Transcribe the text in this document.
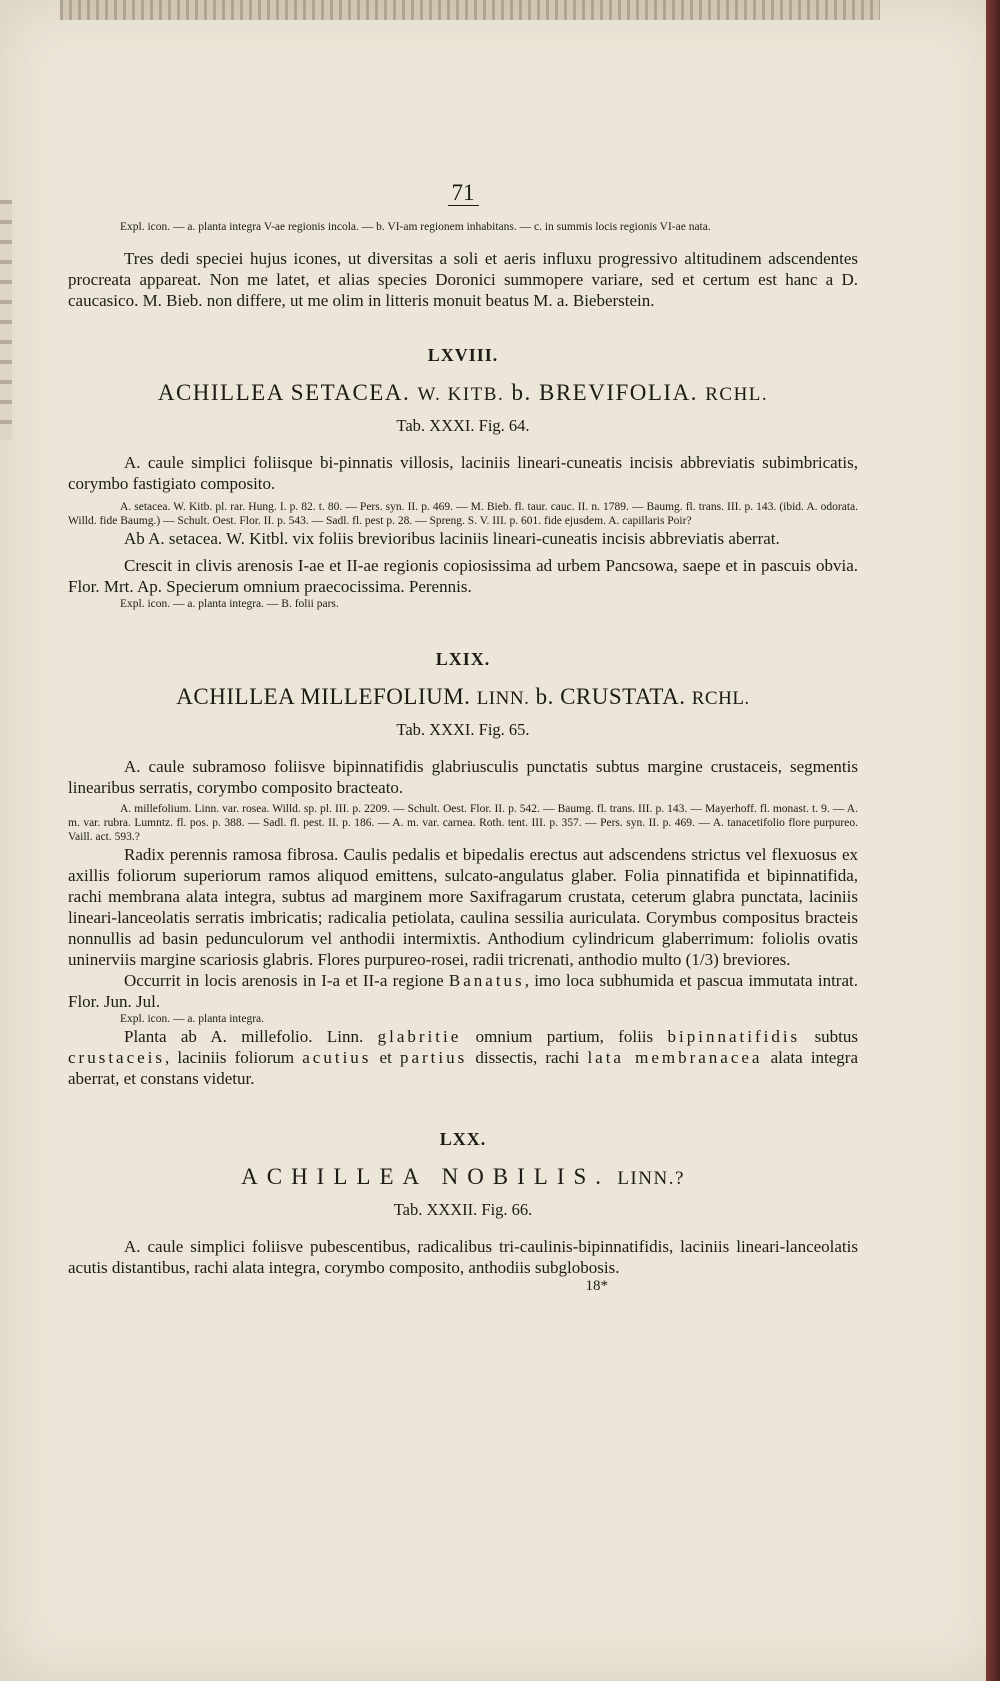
71

Expl. icon. — a. planta integra V-ae regionis incola. — b. VI-am regionem inhabitans. — c. in summis locis regionis VI-ae nata.

Tres dedi speciei hujus icones, ut diversitas a soli et aeris influxu progressivo altitudinem adscendentes procreata appareat. Non me latet, et alias species Doronici summopere variare, sed et certum est hanc a D. caucasico. M. Bieb. non differe, ut me olim in litteris monuit beatus M. a. Bieberstein.

LXVIII.
ACHILLEA SETACEA. W. KITB. b. BREVIFOLIA. RCHL.
Tab. XXXI. Fig. 64.

A. caule simplici foliisque bi-pinnatis villosis, laciniis lineari-cuneatis incisis abbreviatis subimbricatis, corymbo fastigiato composito.

A. setacea. W. Kitb. pl. rar. Hung. I. p. 82. t. 80. — Pers. syn. II. p. 469. — M. Bieb. fl. taur. cauc. II. n. 1789. — Baumg. fl. trans. III. p. 143. (ibid. A. odorata. Willd. fide Baumg.) — Schult. Oest. Flor. II. p. 543. — Sadl. fl. pest p. 28. — Spreng. S. V. III. p. 601. fide ejusdem. A. capillaris Poir?

Ab A. setacea. W. Kitbl. vix foliis brevioribus laciniis lineari-cuneatis incisis abbreviatis aberrat.

Crescit in clivis arenosis I-ae et II-ae regionis copiosissima ad urbem Pancsowa, saepe et in pascuis obvia. Flor. Mrt. Ap. Specierum omnium praecocissima. Perennis.

Expl. icon. — a. planta integra. — B. folii pars.

LXIX.
ACHILLEA MILLEFOLIUM. LINN. b. CRUSTATA. RCHL.
Tab. XXXI. Fig. 65.

A. caule subramoso foliisve bipinnatifidis glabriusculis punctatis subtus margine crustaceis, segmentis linearibus serratis, corymbo composito bracteato.

A. millefolium. Linn. var. rosea. Willd. sp. pl. III. p. 2209. — Schult. Oest. Flor. II. p. 542. — Baumg. fl. trans. III. p. 143. — Mayerhoff. fl. monast. t. 9. — A. m. var. rubra. Lumntz. fl. pos. p. 388. — Sadl. fl. pest. II. p. 186. — A. m. var. carnea. Roth. tent. III. p. 357. — Pers. syn. II. p. 469. — A. tanacetifolio flore purpureo. Vaill. act. 593.?

Radix perennis ramosa fibrosa. Caulis pedalis et bipedalis erectus aut adscendens strictus vel flexuosus ex axillis foliorum superiorum ramos aliquod emittens, sulcato-angulatus glaber. Folia pinnatifida et bipinnatifida, rachi membrana alata integra, subtus ad marginem more Saxifragarum crustata, ceterum glabra punctata, laciniis lineari-lanceolatis serratis imbricatis; radicalia petiolata, caulina sessilia auriculata. Corymbus compositus bracteis nonnullis ad basin pedunculorum vel anthodii intermixtis. Anthodium cylindricum glaberrimum: foliolis ovatis uninerviis margine scariosis glabris. Flores purpureo-rosei, radii tricrenati, anthodio multo (1/3) breviores.

Occurrit in locis arenosis in I-a et II-a regione Banatus, imo loca subhumida et pascua immutata intrat. Flor. Jun. Jul.

Expl. icon. — a. planta integra.

Planta ab A. millefolio. Linn. glabritie omnium partium, foliis bipinnatifidis subtus crustaceis, laciniis foliorum acutius et partius dissectis, rachi lata membranacea alata integra aberrat, et constans videtur.

LXX.
ACHILLEA NOBILIS. LINN.?
Tab. XXXII. Fig. 66.

A. caule simplici foliisve pubescentibus, radicalibus tri-caulinis-bipinnatifidis, laciniis lineari-lanceolatis acutis distantibus, rachi alata integra, corymbo composito, anthodiis subglobosis.

18*
